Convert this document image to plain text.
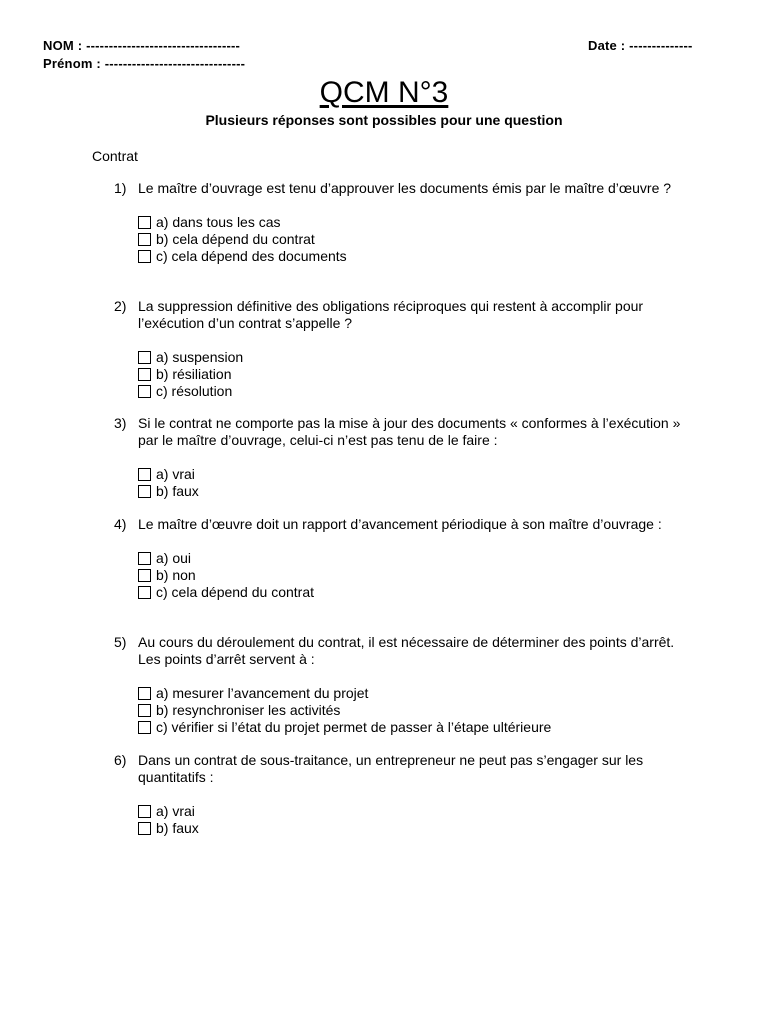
NOM : ----------------------------------
Prénom : -------------------------------
Date : --------------
QCM N°3
Plusieurs réponses sont possibles pour une question
Contrat
1) Le maître d’ouvrage est tenu d’approuver les documents émis par le maître d’œuvre ?
a) dans tous les cas
b) cela dépend du contrat
c) cela dépend des documents
2) La suppression définitive des obligations réciproques qui restent à accomplir pour l’exécution d’un contrat s’appelle ?
a) suspension
b) résiliation
c) résolution
3) Si le contrat ne comporte pas la mise à jour des documents « conformes à l’exécution » par le maître d’ouvrage, celui-ci n’est pas tenu de le faire :
a) vrai
b) faux
4) Le maître d’œuvre doit un rapport d’avancement périodique à son maître d’ouvrage :
a) oui
b) non
c) cela dépend du contrat
5) Au cours du déroulement du contrat, il est nécessaire de déterminer des points d’arrêt. Les points d’arrêt servent à :
a) mesurer l’avancement du projet
b) resynchroniser les activités
c) vérifier si l’état du projet permet de passer à l’étape ultérieure
6) Dans un contrat de sous-traitance, un entrepreneur ne peut pas s’engager sur les quantitatifs :
a) vrai
b) faux
